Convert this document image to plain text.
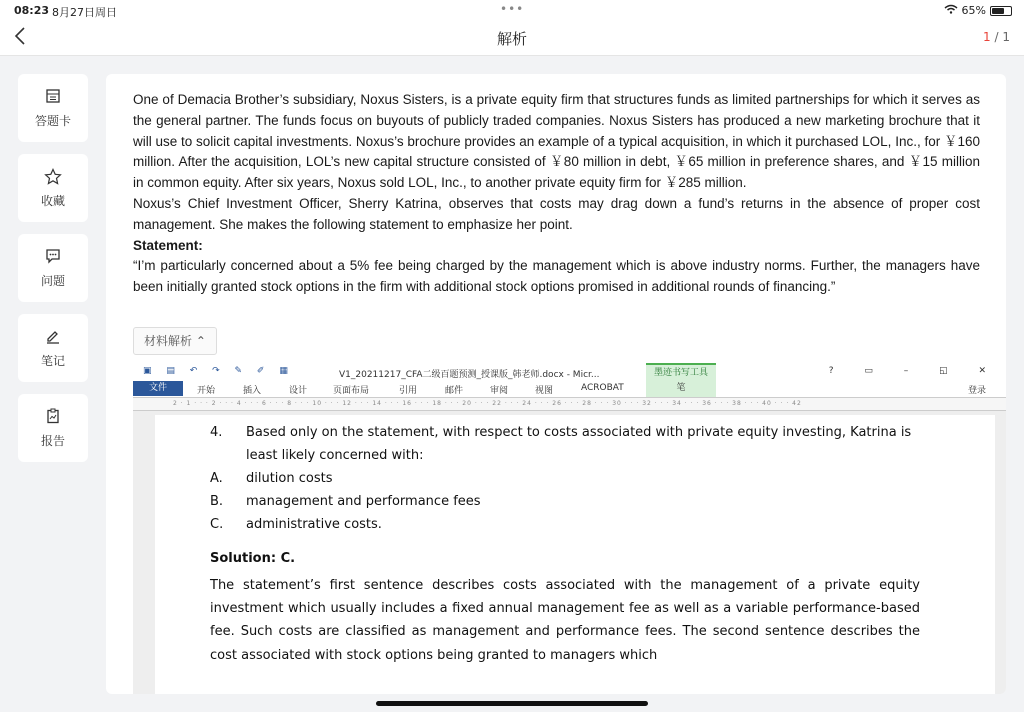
08:23 8月27日周日	•••	65%
解析	1 / 1
答题卡
收藏
问题
笔记
报告

One of Demacia Brother’s subsidiary, Noxus Sisters, is a private equity firm that structures funds as limited partnerships for which it serves as the general partner. The funds focus on buyouts of publicly traded companies. Noxus Sisters has produced a new marketing brochure that it will use to solicit capital investments. Noxus’s brochure provides an example of a typical acquisition, in which it purchased LOL, Inc., for ￥160 million. After the acquisition, LOL’s new capital structure consisted of ￥80 million in debt, ￥65 million in preference shares, and ￥15 million in common equity. After six years, Noxus sold LOL, Inc., to another private equity firm for ￥285 million.

Noxus’s Chief Investment Officer, Sherry Katrina, observes that costs may drag down a fund’s returns in the absence of proper cost management. She makes the following statement to emphasize her point.

Statement:

“I’m particularly concerned about a 5% fee being charged by the management which is above industry norms. Further, the managers have been initially granted stock options in the firm with additional stock options promised in additional rounds of financing.”

材料解析 ⌃
▣ ▤ ↶ ↷ ✎ ✐ ▦	V1_20211217_CFA二级百题预测_授课版_韩老师.docx - Micr...	墨迹书写工具	? ▭ – ◱ ✕
文件	开始	插入	设计	页面布局	引用	邮件	审阅	视图	ACROBAT	笔	登录
2 · 1 · · · 2 · · · 4 · · · 6 · · · 8 · · · 10 · · · 12 · · · 14 · · · 16 · · · 18 · · · 20 · · · 22 · · · 24 · · · 26 · · · 28 · · · 30 · · · 32 · · · 34 · · · 36 · · · 38 · · · 40 · · · 42
4. Based only on the statement, with respect to costs associated with private equity investing, Katrina is least likely concerned with:
A. dilution costs
B. management and performance fees
C. administrative costs.
Solution: C.
The statement’s first sentence describes costs associated with the management of a private equity investment which usually includes a fixed annual management fee as well as a variable performance-based fee. Such costs are classified as management and performance fees. The second sentence describes the cost associated with stock options being granted to managers which
